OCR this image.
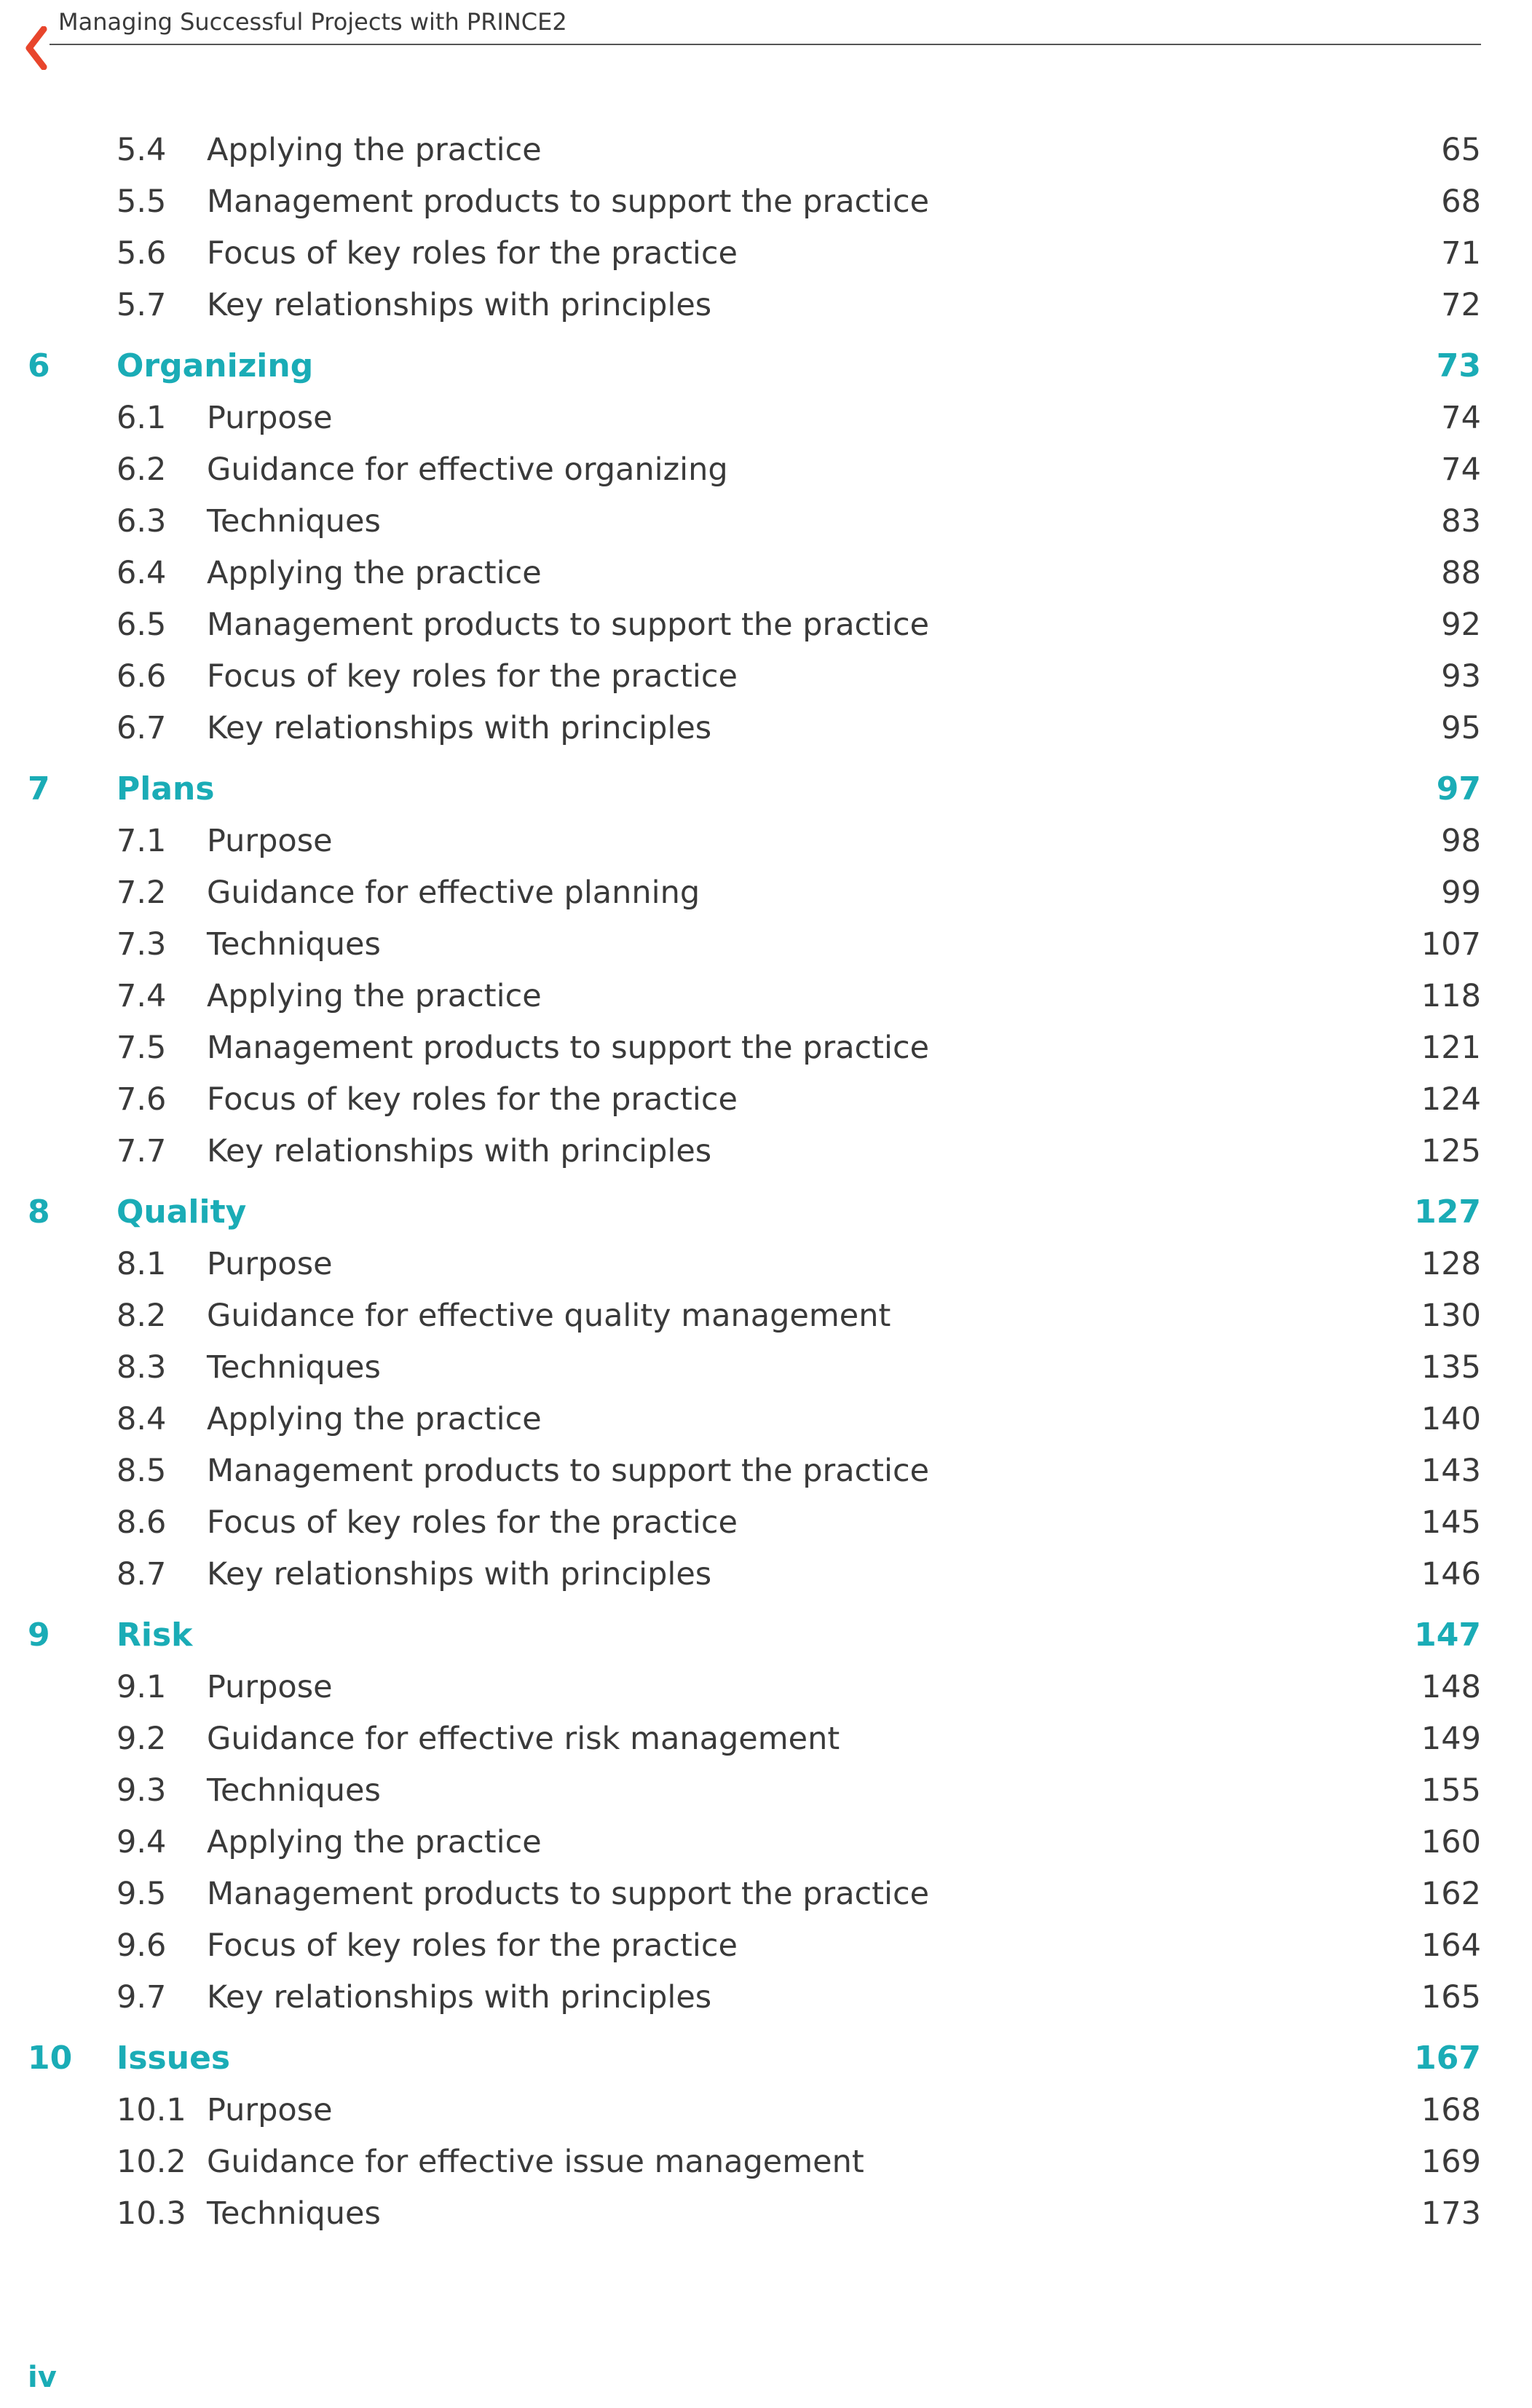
Managing Successful Projects with PRINCE2
5.4 Applying the practice	65
5.5 Management products to support the practice	68
5.6 Focus of key roles for the practice	71
5.7 Key relationships with principles	72
6 Organizing	73
6.1 Purpose	74
6.2 Guidance for effective organizing	74
6.3 Techniques	83
6.4 Applying the practice	88
6.5 Management products to support the practice	92
6.6 Focus of key roles for the practice	93
6.7 Key relationships with principles	95
7 Plans	97
7.1 Purpose	98
7.2 Guidance for effective planning	99
7.3 Techniques	107
7.4 Applying the practice	118
7.5 Management products to support the practice	121
7.6 Focus of key roles for the practice	124
7.7 Key relationships with principles	125
8 Quality	127
8.1 Purpose	128
8.2 Guidance for effective quality management	130
8.3 Techniques	135
8.4 Applying the practice	140
8.5 Management products to support the practice	143
8.6 Focus of key roles for the practice	145
8.7 Key relationships with principles	146
9 Risk	147
9.1 Purpose	148
9.2 Guidance for effective risk management	149
9.3 Techniques	155
9.4 Applying the practice	160
9.5 Management products to support the practice	162
9.6 Focus of key roles for the practice	164
9.7 Key relationships with principles	165
10 Issues	167
10.1 Purpose	168
10.2 Guidance for effective issue management	169
10.3 Techniques	173
iv
